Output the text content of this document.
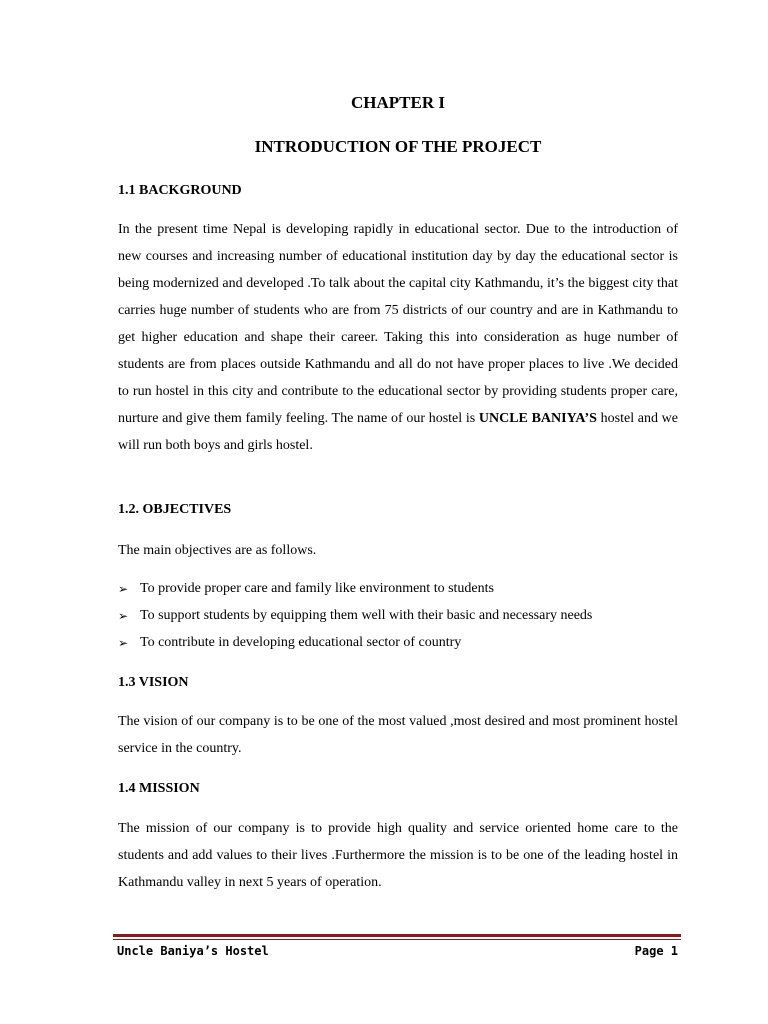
CHAPTER I
INTRODUCTION OF THE PROJECT
1.1 BACKGROUND
In the present time Nepal is developing rapidly in educational sector. Due to the introduction of new courses and increasing number of educational institution day by day the educational sector is being modernized and developed .To talk about the capital city Kathmandu, it’s the biggest city that carries huge number of students who are from 75 districts of our country and are in Kathmandu to get higher education and shape their career. Taking this into consideration as huge number of students are from places outside Kathmandu and all do not have proper places to live .We decided to run hostel in this city and contribute to the educational sector by providing students proper care, nurture and give them family feeling. The name of our hostel is UNCLE BANIYA’S hostel and we will run both boys and girls hostel.
1.2. OBJECTIVES
The main objectives are as follows.
➢ To provide proper care and family like environment to students
➢ To support students by equipping them well with their basic and necessary needs
➢ To contribute in developing educational sector of country
1.3 VISION
The vision of our company is to be one of the most valued ,most desired and most prominent hostel service in the country.
1.4 MISSION
The mission of our company is to provide high quality and service oriented home care to the students and add values to their lives .Furthermore the mission is to be one of the leading hostel in Kathmandu valley in next 5 years of operation.
Uncle Baniya’s Hostel	Page 1
